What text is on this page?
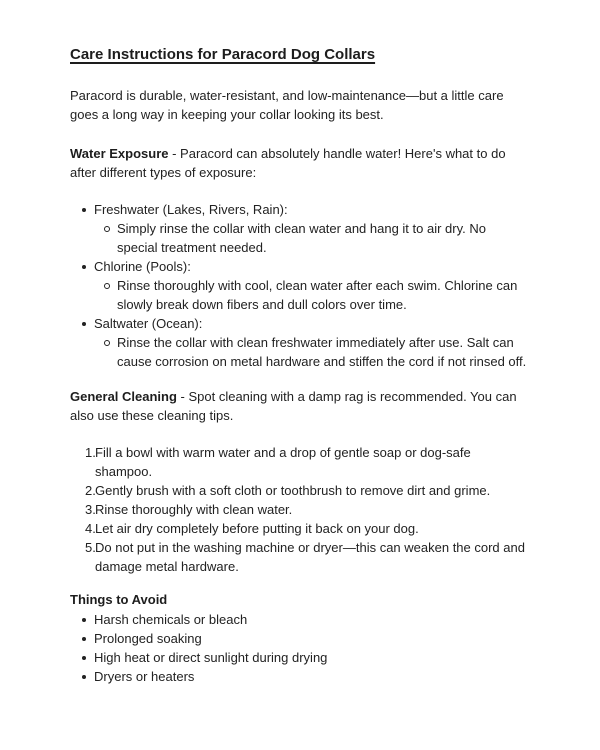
Care Instructions for Paracord Dog Collars

Paracord is durable, water-resistant, and low-maintenance—but a little care goes a long way in keeping your collar looking its best.

Water Exposure - Paracord can absolutely handle water! Here's what to do after different types of exposure:

Freshwater (Lakes, Rivers, Rain):
Simply rinse the collar with clean water and hang it to air dry. No special treatment needed.
Chlorine (Pools):
Rinse thoroughly with cool, clean water after each swim. Chlorine can slowly break down fibers and dull colors over time.
Saltwater (Ocean):
Rinse the collar with clean freshwater immediately after use. Salt can cause corrosion on metal hardware and stiffen the cord if not rinsed off.

General Cleaning - Spot cleaning with a damp rag is recommended. You can also use these cleaning tips.

Fill a bowl with warm water and a drop of gentle soap or dog-safe shampoo.
Gently brush with a soft cloth or toothbrush to remove dirt and grime.
Rinse thoroughly with clean water.
Let air dry completely before putting it back on your dog.
Do not put in the washing machine or dryer—this can weaken the cord and damage metal hardware.
Things to Avoid
Harsh chemicals or bleach
Prolonged soaking
High heat or direct sunlight during drying
Dryers or heaters
